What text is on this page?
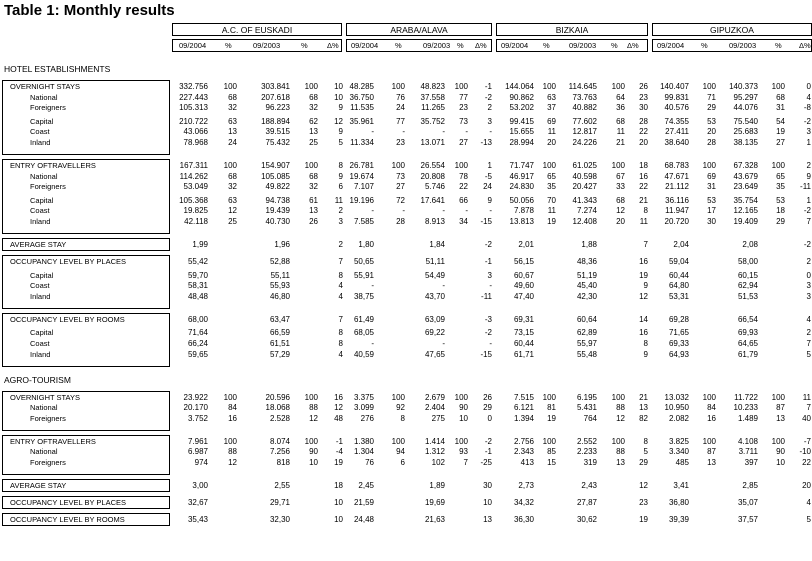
Table 1: Monthly results
A.C. OF EUSKADI
09/2004	%	09/2003	%	Δ%
ARABA/ALAVA
09/2004 %	09/2003 % Δ%
BIZKAIA
09/2004 %	09/2003 % Δ%
GIPUZKOA
09/2004 %	09/2003	% Δ%
HOTEL ESTABLISHMENTS
OVERNIGHT STAYS	332.756	100	303.841	100	10 48.285	100	48.823	100	-1	144.064	100	114.645	100	26	140.407	100	140.373	100	0
National	227.443	68	207.618	68	10 36.750	76	37.558	77	-2	90.862	63	73.763	64	23	99.831	71	95.297	68	4
Foreigners	105.313	32	96.223	32	9 11.535	24	11.265	23	2	53.202	37	40.882	36	30	40.576	29	44.076	31	-8
Capital	210.722	63	188.894	62	12 35.961	77	35.752	73	3	99.415	69	77.602	68	28	74.355	53	75.540	54	-2
Coast	43.066	13	39.515	13	9	-	-	-	-	-	15.655	11	12.817	11	22	27.411	20	25.683	19	3
Inland	78.968	24	75.432	25	5 11.334	23	13.071	27	-13	28.994	20	24.226	21	20	38.640	28	38.135	27	1
ENTRY OFTRAVELLERS	167.311	100	154.907	100	8 26.781	100	26.554	100	1	71.747	100	61.025	100	18	68.783	100	67.328	100	2
National	114.262	68	105.085	68	9 19.674	73	20.808	78	-5	46.917	65	40.598	67	16	47.671	69	43.679	65	9
Foreigners	53.049	32	49.822	32	6	7.107	27	5.746	22	24	24.830	35	20.427	33	22	21.112	31	23.649	35	-11
Capital	105.368	63	94.738	61	11 19.196	72	17.641	66	9	50.056	70	41.343	68	21	36.116	53	35.754	53	1
Coast	19.825	12	19.439	13	2	-	-	-	-	-	7.878	11	7.274	12	8	11.947	17	12.165	18	-2
Inland	42.118	25	40.730	26	3	7.585	28	8.913	34	-15	13.813	19	12.408	20	11	20.720	30	19.409	29	7
AVERAGE STAY	1,99	1,96	2	1,80	1,84	-2	2,01	1,88	7	2,04	2,08	-2
OCCUPANCY LEVEL BY PLACES	55,42	52,88	7	50,65	51,11	-1	56,15	48,36	16	59,04	58,00	2
Capital	59,70	55,11	8	55,91	54,49	3	60,67	51,19	19	60,44	60,15	0
Coast	58,31	55,93	4	-	-	-	49,60	45,40	9	64,80	62,94	3
Inland	48,48	46,80	4	38,75	43,70	-11	47,40	42,30	12	53,31	51,53	3
OCCUPANCY LEVEL BY ROOMS	68,00	63,47	7	61,49	63,09	-3	69,31	60,64	14	69,28	66,54	4
Capital	71,64	66,59	8	68,05	69,22	-2	73,15	62,89	16	71,65	69,93	2
Coast	66,24	61,51	8	-	-	-	60,44	55,97	8	69,33	64,65	7
Inland	59,65	57,29	4	40,59	47,65	-15	61,71	55,48	9	64,93	61,79	5
AGRO-TOURISM
OVERNIGHT STAYS	23.922	100	20.596	100	16	3.375	100	2.679	100	26	7.515	100	6.195	100	21	13.032	100	11.722	100	11
National	20.170	84	18.068	88	12	3.099	92	2.404	90	29	6.121	81	5.431	88	13	10.950	84	10.233	87	7
Foreigners	3.752	16	2.528	12	48	276	8	275	10	0	1.394	19	764	12	82	2.082	16	1.489	13	40
ENTRY OFTRAVELLERS	7.961	100	8.074	100	-1	1.380	100	1.414	100	-2	2.756	100	2.552	100	8	3.825	100	4.108	100	-7
National	6.987	88	7.256	90	-4	1.304	94	1.312	93	-1	2.343	85	2.233	88	5	3.340	87	3.711	90	-10
Foreigners	974	12	818	10	19	76	6	102	7	-25	413	15	319	13	29	485	13	397	10	22
AVERAGE STAY	3,00	2,55	18	2,45	1,89	30	2,73	2,43	12	3,41	2,85	20
OCCUPANCY LEVEL BY PLACES	32,67	29,71	10	21,59	19,69	10	34,32	27,87	23	36,80	35,07	4
OCCUPANCY LEVEL BY ROOMS	35,43	32,30	10	24,48	21,63	13	36,30	30,62	19	39,39	37,57	5
